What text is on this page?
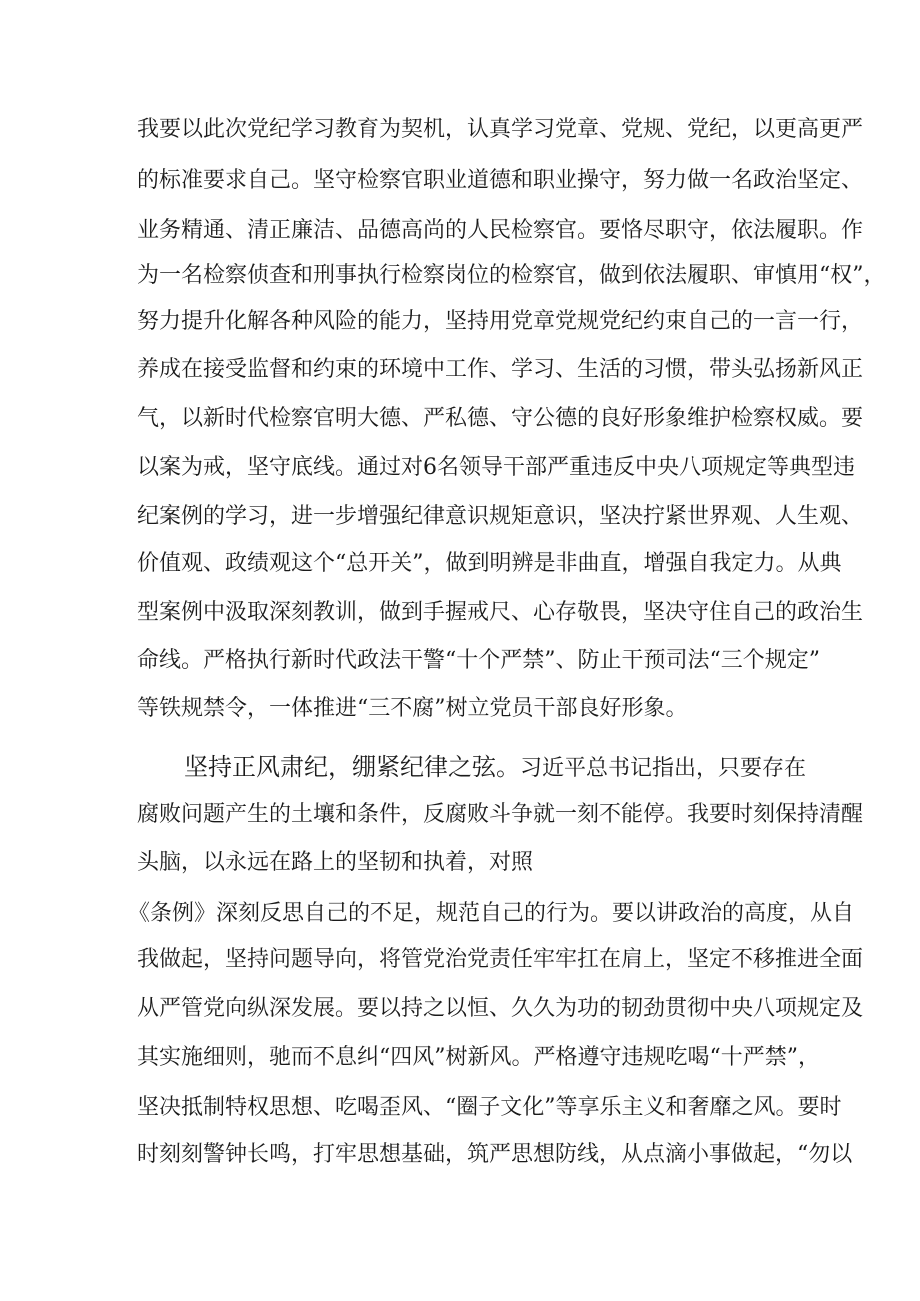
我要以此次党纪学习教育为契机，认真学习党章、党规、党纪，以更高更严
的标准要求自己。坚守检察官职业道德和职业操守，努力做一名政治坚定、
业务精通、清正廉洁、品德高尚的人民检察官。要恪尽职守，依法履职。作
为一名检察侦查和刑事执行检察岗位的检察官，做到依法履职、审慎用“权”，
努力提升化解各种风险的能力，坚持用党章党规党纪约束自己的一言一行，
养成在接受监督和约束的环境中工作、学习、生活的习惯，带头弘扬新风正
气，以新时代检察官明大德、严私德、守公德的良好形象维护检察权威。要
以案为戒，坚守底线。通过对6名领导干部严重违反中央八项规定等典型违
纪案例的学习，进一步增强纪律意识规矩意识，坚决拧紧世界观、人生观、
价值观、政绩观这个“总开关”，做到明辨是非曲直，增强自我定力。从典
型案例中汲取深刻教训，做到手握戒尺、心存敬畏，坚决守住自己的政治生
命线。严格执行新时代政法干警“十个严禁”、防止干预司法“三个规定”
等铁规禁令，一体推进“三不腐”树立党员干部良好形象。
坚持正风肃纪，绷紧纪律之弦。习近平总书记指出，只要存在
腐败问题产生的土壤和条件，反腐败斗争就一刻不能停。我要时刻保持清醒
头脑，以永远在路上的坚韧和执着，对照
《条例》深刻反思自己的不足，规范自己的行为。要以讲政治的高度，从自
我做起，坚持问题导向，将管党治党责任牢牢扛在肩上，坚定不移推进全面
从严管党向纵深发展。要以持之以恒、久久为功的韧劲贯彻中央八项规定及
其实施细则，驰而不息纠“四风”树新风。严格遵守违规吃喝“十严禁”，
坚决抵制特权思想、吃喝歪风、“圈子文化”等享乐主义和奢靡之风。要时
时刻刻警钟长鸣，打牢思想基础，筑严思想防线，从点滴小事做起，“勿以
